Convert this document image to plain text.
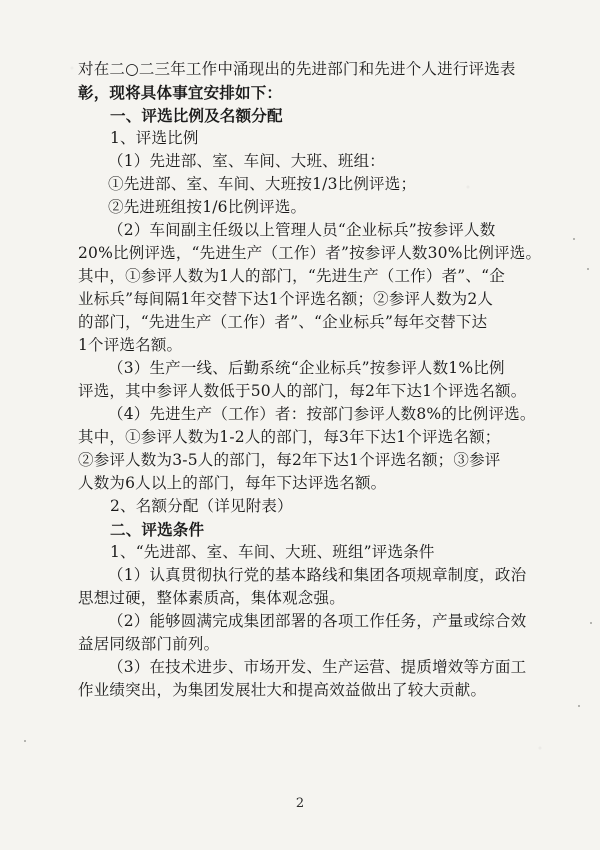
对在二○二三年工作中涌现出的先进部门和先进个人进行评选表
彰，现将具体事宜安排如下：
一、评选比例及名额分配
1、评选比例
（1）先进部、室、车间、大班、班组：
①先进部、室、车间、大班按1/3比例评选；
②先进班组按1/6比例评选。
（2）车间副主任级以上管理人员“企业标兵”按参评人数
20%比例评选，“先进生产（工作）者”按参评人数30%比例评选。
其中，①参评人数为1人的部门，“先进生产（工作）者”、“企
业标兵”每间隔1年交替下达1个评选名额；②参评人数为2人
的部门，“先进生产（工作）者”、“企业标兵”每年交替下达
1个评选名额。
（3）生产一线、后勤系统“企业标兵”按参评人数1%比例
评选，其中参评人数低于50人的部门，每2年下达1个评选名额。
（4）先进生产（工作）者：按部门参评人数8%的比例评选。
其中，①参评人数为1-2人的部门，每3年下达1个评选名额；
②参评人数为3-5人的部门，每2年下达1个评选名额；③参评
人数为6人以上的部门，每年下达评选名额。
2、名额分配（详见附表）
二、评选条件
1、“先进部、室、车间、大班、班组”评选条件
（1）认真贯彻执行党的基本路线和集团各项规章制度，政治
思想过硬，整体素质高，集体观念强。
（2）能够圆满完成集团部署的各项工作任务，产量或综合效
益居同级部门前列。
（3）在技术进步、市场开发、生产运营、提质增效等方面工
作业绩突出，为集团发展壮大和提高效益做出了较大贡献。
2
